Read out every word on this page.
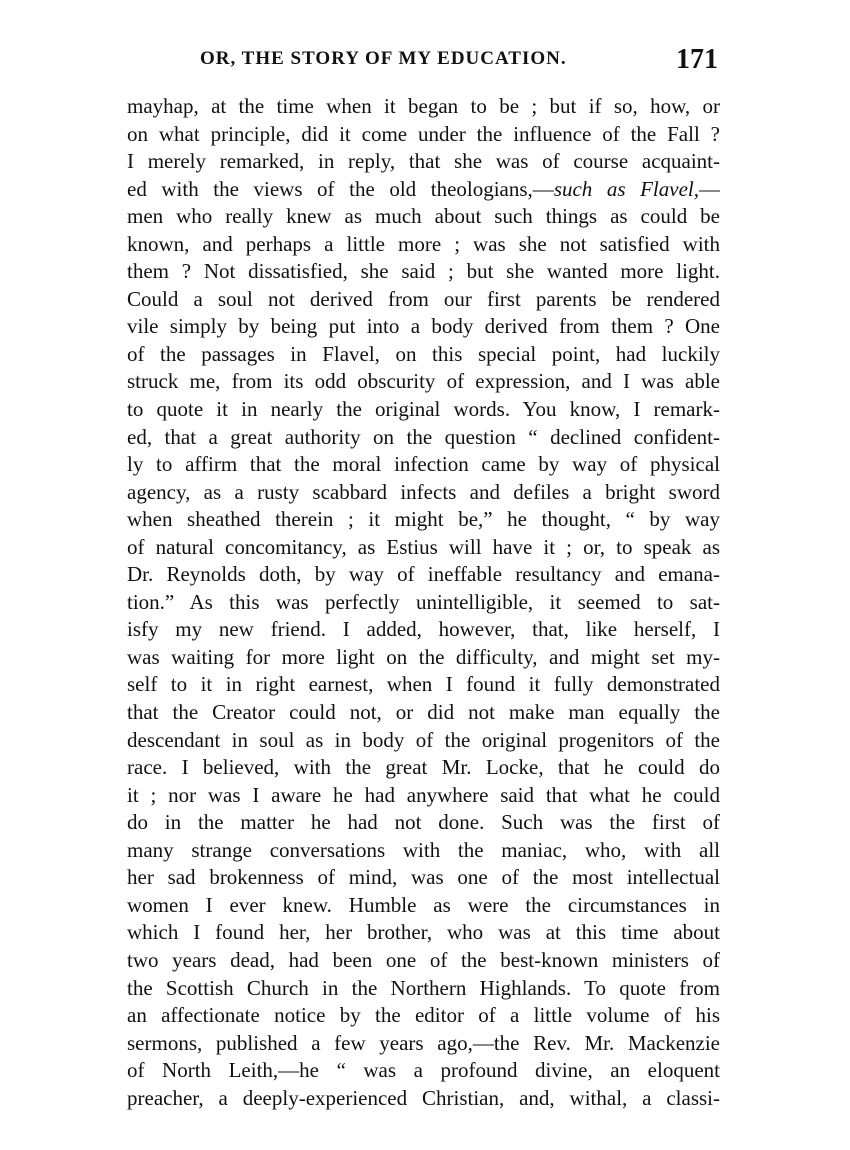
OR, THE STORY OF MY EDUCATION.	171
mayhap, at the time when it began to be ; but if so, how, or
on what principle, did it come under the influence of the Fall ?
I merely remarked, in reply, that she was of course acquaint-
ed with the views of the old theologians,—such as Flavel,—
men who really knew as much about such things as could be
known, and perhaps a little more ; was she not satisfied with
them ? Not dissatisfied, she said ; but she wanted more light.
Could a soul not derived from our first parents be rendered
vile simply by being put into a body derived from them ? One
of the passages in Flavel, on this special point, had luckily
struck me, from its odd obscurity of expression, and I was able
to quote it in nearly the original words. You know, I remark-
ed, that a great authority on the question “ declined confident-
ly to affirm that the moral infection came by way of physical
agency, as a rusty scabbard infects and defiles a bright sword
when sheathed therein ; it might be,” he thought, “ by way
of natural concomitancy, as Estius will have it ; or, to speak as
Dr. Reynolds doth, by way of ineffable resultancy and emana-
tion.” As this was perfectly unintelligible, it seemed to sat-
isfy my new friend. I added, however, that, like herself, I
was waiting for more light on the difficulty, and might set my-
self to it in right earnest, when I found it fully demonstrated
that the Creator could not, or did not make man equally the
descendant in soul as in body of the original progenitors of the
race. I believed, with the great Mr. Locke, that he could do
it ; nor was I aware he had anywhere said that what he could
do in the matter he had not done. Such was the first of
many strange conversations with the maniac, who, with all
her sad brokenness of mind, was one of the most intellectual
women I ever knew. Humble as were the circumstances in
which I found her, her brother, who was at this time about
two years dead, had been one of the best-known ministers of
the Scottish Church in the Northern Highlands. To quote from
an affectionate notice by the editor of a little volume of his
sermons, published a few years ago,—the Rev. Mr. Mackenzie
of North Leith,—he “ was a profound divine, an eloquent
preacher, a deeply-experienced Christian, and, withal, a classi-
